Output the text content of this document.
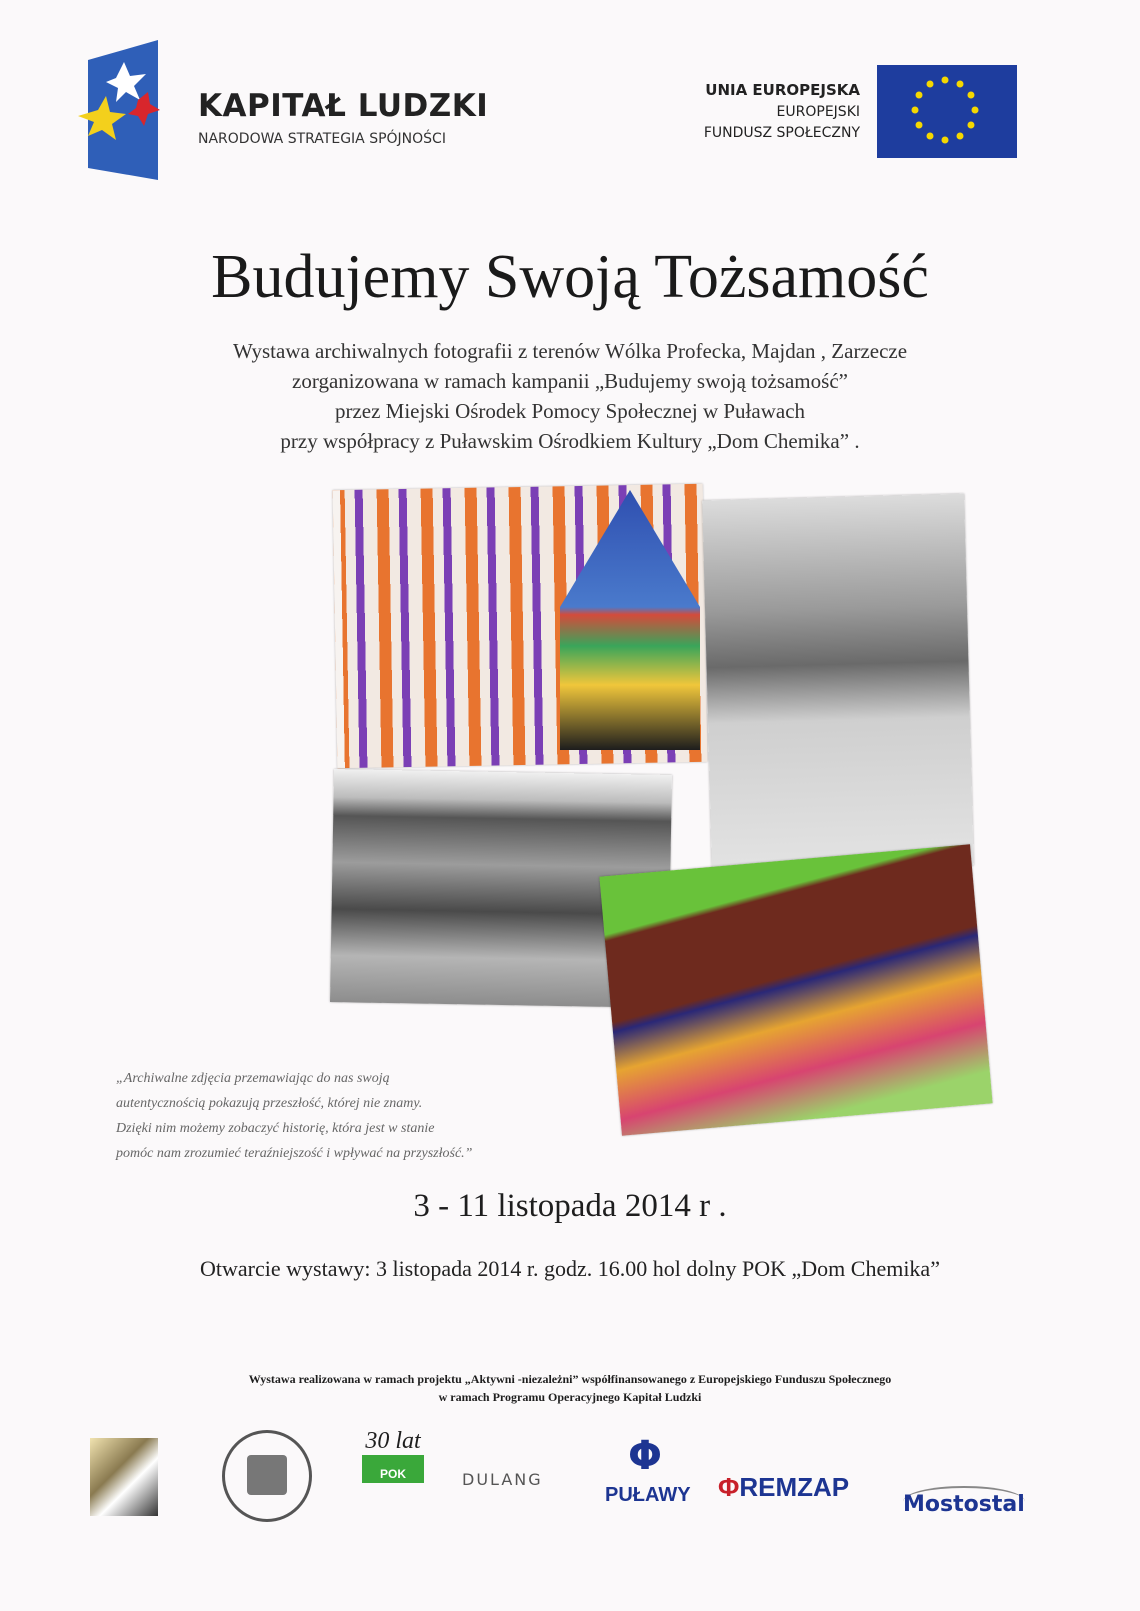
KAPITAŁ LUDZKI
NARODOWA STRATEGIA SPÓJNOŚCI
UNIA EUROPEJSKA
EUROPEJSKI
FUNDUSZ SPOŁECZNY
Budujemy Swoją Tożsamość
Wystawa archiwalnych fotografii z terenów Wólka Profecka, Majdan , Zarzecze
zorganizowana w ramach kampanii „Budujemy swoją tożsamość”
przez Miejski Ośrodek Pomocy Społecznej w Puławach
przy współpracy z Puławskim Ośrodkiem Kultury „Dom Chemika” .
„Archiwalne zdjęcia przemawiając do nas swoją
autentycznością pokazują przeszłość, której nie znamy.
Dzięki nim możemy zobaczyć historię, która jest w stanie
pomóc nam zrozumieć teraźniejszość i wpływać na przyszłość.”
3 - 11 listopada 2014 r .
Otwarcie wystawy: 3 listopada 2014 r. godz. 16.00 hol dolny POK „Dom Chemika”
Wystawa realizowana w ramach projektu „Aktywni -niezależni” współfinansowanego z Europejskiego Funduszu Społecznego
w ramach Programu Operacyjnego Kapitał Ludzki
30 lat
POK	DULANG
Φ
PUŁAWY ΦREMZAP
Mostostal
